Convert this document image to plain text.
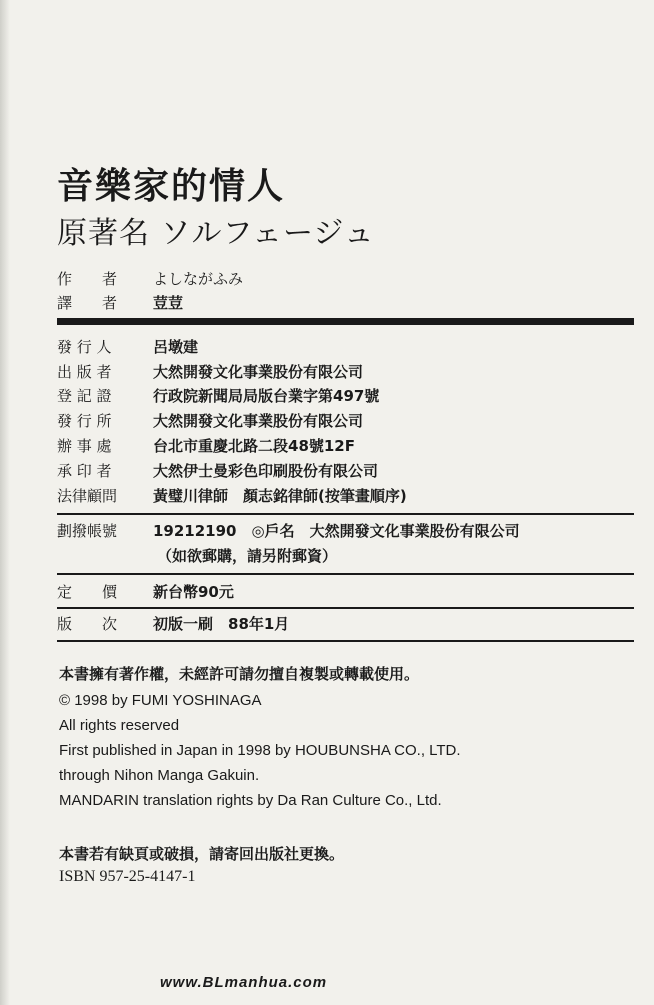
音樂家的情人
原著名 ソルフェージュ
作　　者	よしながふみ
譯　　者	荳荳
發 行 人	呂墩建
出 版 者	大然開發文化事業股份有限公司
登 記 證	行政院新聞局局版台業字第497號
發 行 所	大然開發文化事業股份有限公司
辦 事 處	台北市重慶北路二段48號12F
承 印 者	大然伊士曼彩色印刷股份有限公司
法律顧問	黃璧川律師　顏志銘律師(按筆畫順序)
劃撥帳號	19212190　◎戶名　大然開發文化事業股份有限公司
（如欲郵購，請另附郵資）
定　　價	新台幣90元
版　　次	初版一刷　88年1月
本書擁有著作權，未經許可請勿擅自複製或轉載使用。
© 1998 by FUMI YOSHINAGA
All rights reserved
First published in Japan in 1998 by HOUBUNSHA CO., LTD.
through Nihon Manga Gakuin.
MANDARIN translation rights by Da Ran Culture Co., Ltd.
本書若有缺頁或破損，請寄回出版社更換。
ISBN 957-25-4147-1
www.BLmanhua.com
